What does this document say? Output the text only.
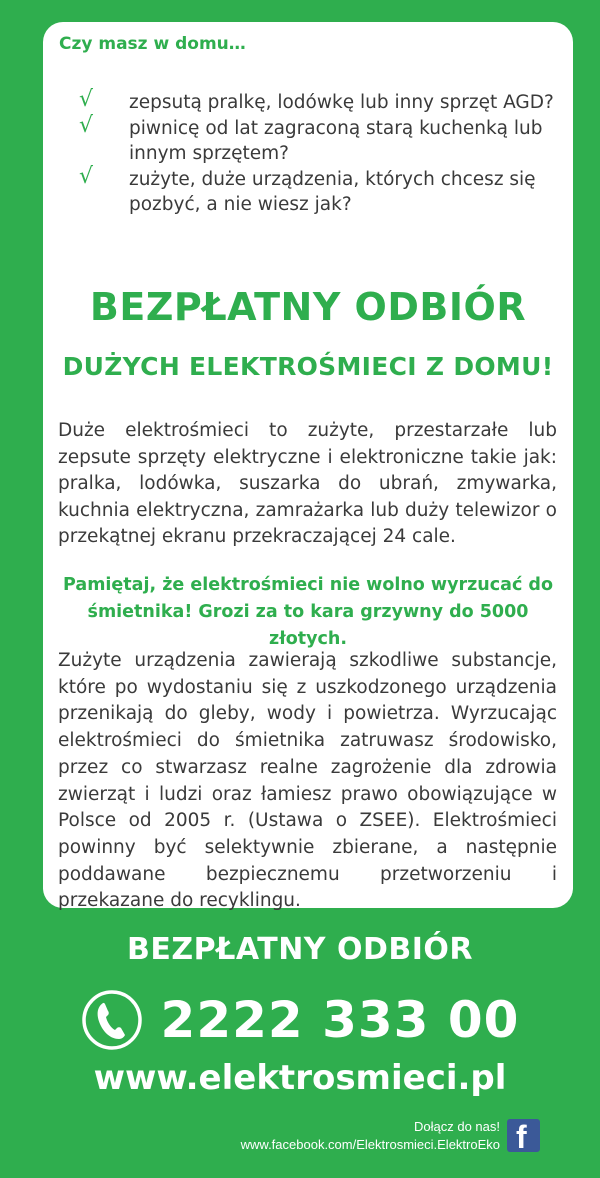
Czy masz w domu…
√ zepsutą pralkę, lodówkę lub inny sprzęt AGD?
√ piwnicę od lat zagraconą starą kuchenką lub innym sprzętem?
√ zużyte, duże urządzenia, których chcesz się pozbyć, a nie wiesz jak?
BEZPŁATNY ODBIÓR
DUŻYCH ELEKTROŚMIECI Z DOMU!

Duże elektrośmieci to zużyte, przestarzałe lub zepsute sprzęty elektryczne i elektroniczne takie jak: pralka, lodówka, suszarka do ubrań, zmywarka, kuchnia elektryczna, zamrażarka lub duży telewizor o przekątnej ekranu przekraczającej 24 cale.

Pamiętaj, że elektrośmieci nie wolno wyrzucać do
śmietnika! Grozi za to kara grzywny do 5000 złotych.

Zużyte urządzenia zawierają szkodliwe substancje, które po wydostaniu się z uszkodzonego urządzenia przenikają do gleby, wody i powietrza. Wyrzucając elektrośmieci do śmietnika zatruwasz środowisko, przez co stwarzasz realne zagrożenie dla zdrowia zwierząt i ludzi oraz łamiesz prawo obowiązujące w Polsce od 2005 r. (Ustawa o ZSEE). Elektrośmieci powinny być selektywnie zbierane, a następnie poddawane bezpiecznemu przetworzeniu i przekazane do recyklingu.

BEZPŁATNY ODBIÓR
2222 333 00
www.elektrosmieci.pl
Dołącz do nas!
www.facebook.com/Elektrosmieci.ElektroEko f
